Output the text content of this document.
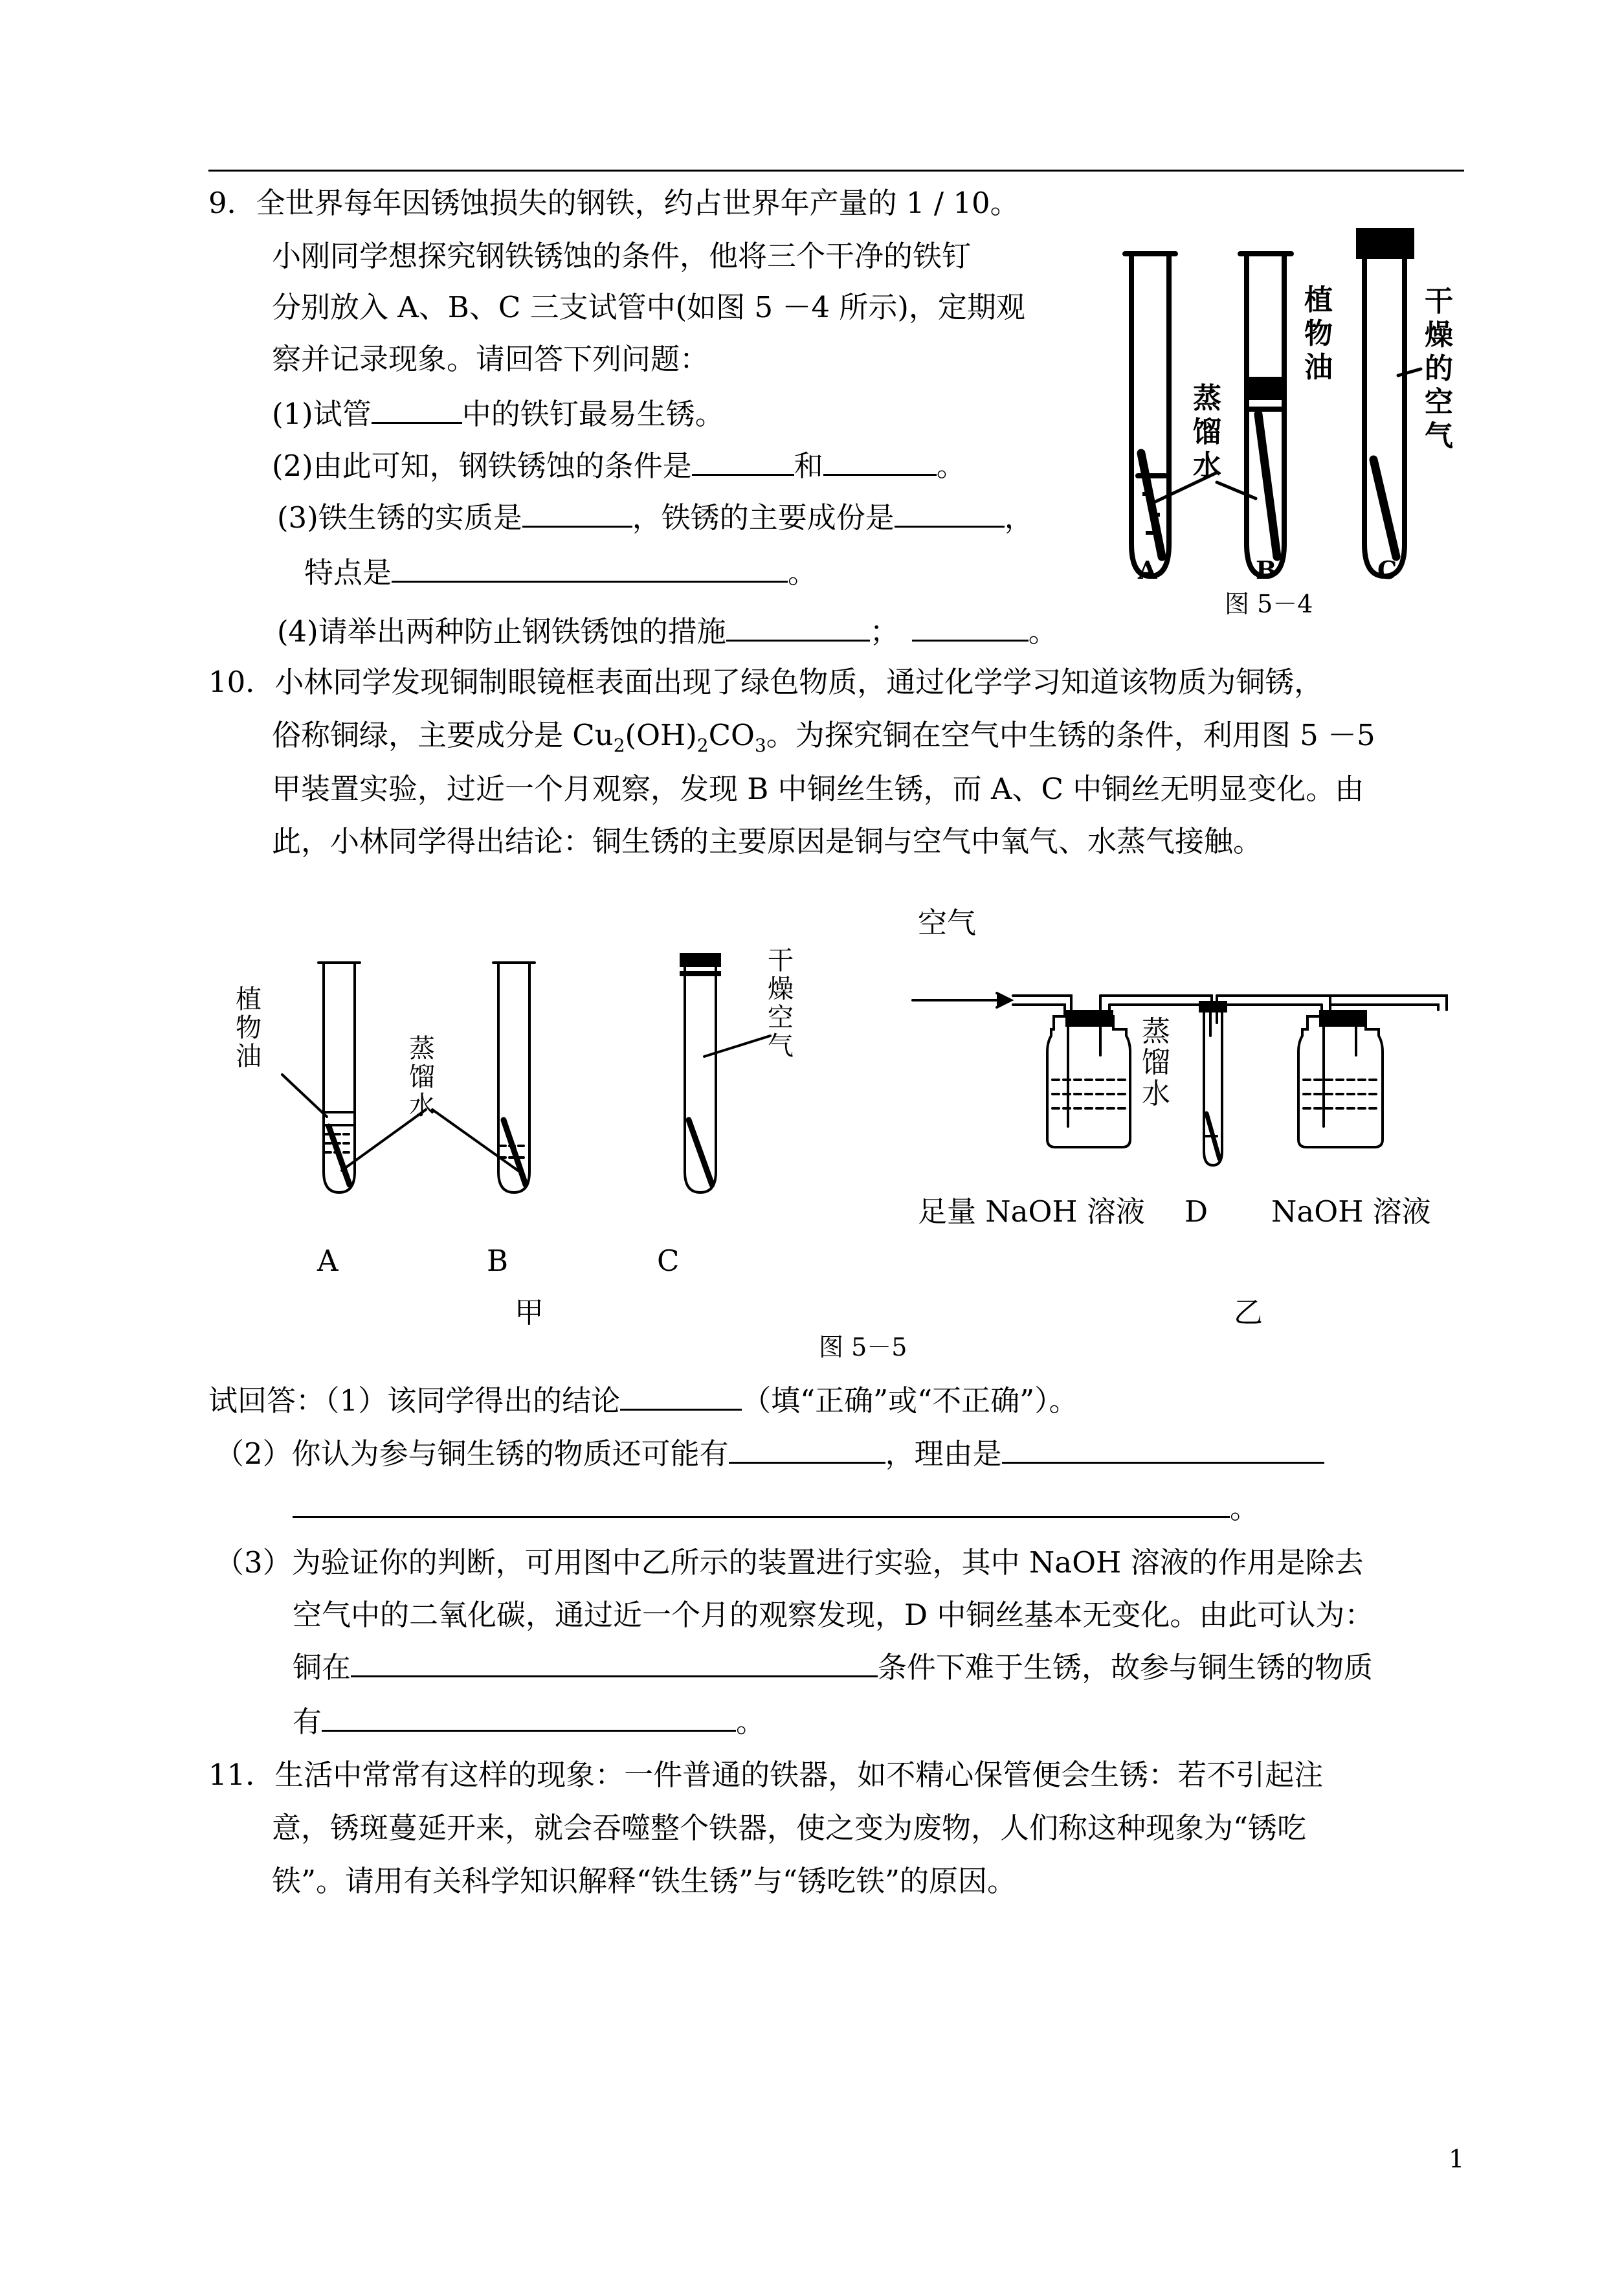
9．全世界每年因锈蚀损失的钢铁，约占世界年产量的 1 / 10。
小刚同学想探究钢铁锈蚀的条件，他将三个干净的铁钉
分别放入 A、B、C 三支试管中(如图 5 －4 所示)，定期观
察并记录现象。请回答下列问题：
(1)试管	中的铁钉最易生锈。
(2)由此可知，钢铁锈蚀的条件是	和	。
(3)铁生锈的实质是	，铁锈的主要成份是	，
特点是	。
(4)请举出两种防止钢铁锈蚀的措施	；	。
植物油
蒸馏水
干燥的空气
A	B	C
图 5－4
10．小林同学发现铜制眼镜框表面出现了绿色物质，通过化学学习知道该物质为铜锈，
俗称铜绿，主要成分是 $Cu_2(OH)_2CO_3$。为探究铜在空气中生锈的条件，利用图 5 －5
甲装置实验，过近一个月观察，发现 B 中铜丝生锈，而 A、C 中铜丝无明显变化。由
此，小林同学得出结论：铜生锈的主要原因是铜与空气中氧气、水蒸气接触。
植物油	蒸馏水
干燥空气
A	B	C
甲
空气
蒸馏水
足量 NaOH 溶液 D NaOH 溶液
乙
图 5－5
试回答：（1）该同学得出的结论	（填“正确”或“不正确”）。
（2）你认为参与铜生锈的物质还可能有	，理由是
。
（3）为验证你的判断，可用图中乙所示的装置进行实验，其中 NaOH 溶液的作用是除去
空气中的二氧化碳，通过近一个月的观察发现，D 中铜丝基本无变化。由此可认为：
铜在	条件下难于生锈，故参与铜生锈的物质
有	。
11．生活中常常有这样的现象：一件普通的铁器，如不精心保管便会生锈：若不引起注
意，锈斑蔓延开来，就会吞噬整个铁器，使之变为废物，人们称这种现象为“锈吃
铁”。请用有关科学知识解释“铁生锈”与“锈吃铁”的原因。
1
